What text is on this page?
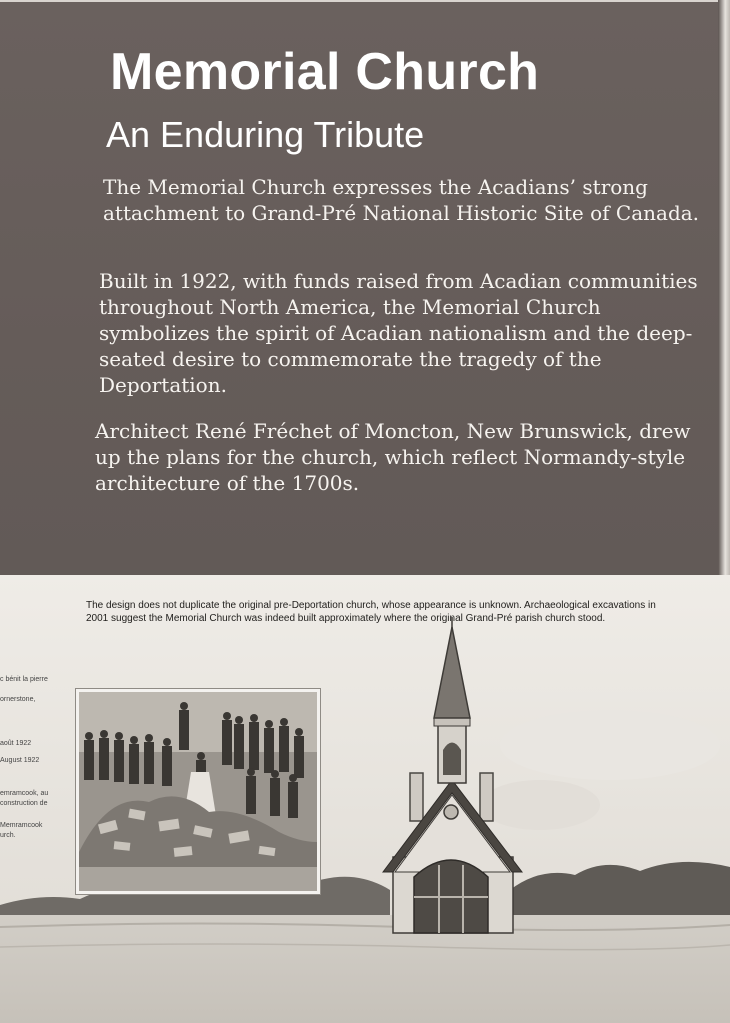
Memorial Church
An Enduring Tribute

The Memorial Church expresses the Acadians’ strong attachment to Grand-Pré National Historic Site of Canada.

Built in 1922, with funds raised from Acadian communities throughout North America, the Memorial Church symbolizes the spirit of Acadian nationalism and the deep-seated desire to commemorate the tragedy of the Deportation.

Architect René Fréchet of Moncton, New Brunswick, drew up the plans for the church, which reflect Normandy-style architecture of the 1700s.

The design does not duplicate the original pre-Deportation church, whose appearance is unknown. Archaeological excavations in 2001 suggest the Memorial Church was indeed built approximately where the original Grand-Pré parish church stood.

c bénit la pierre
ornerstone,
août 1922
August 1922
emramcook, au
construction de
Memramcook
urch.
